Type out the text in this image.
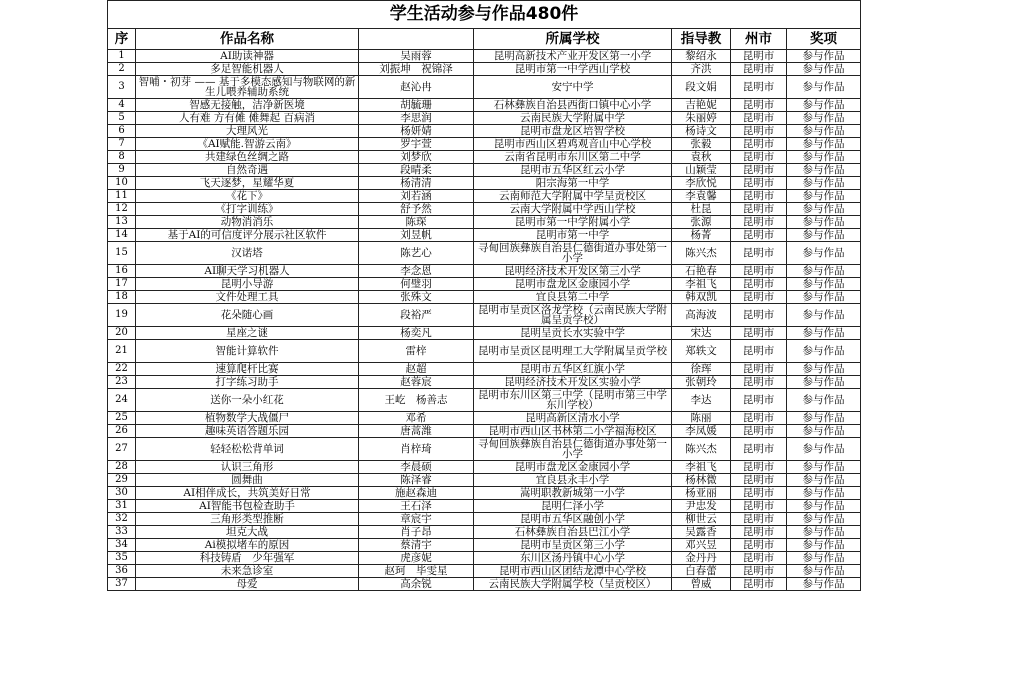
学生活动参与作品480件						
序	作品名称		所属学校	指导教	州市	奖项
1	AI助读神器	吴雨蓉	昆明高新技术产业开发区第一小学	黎绍永	昆明市	参与作品
2	多足智能机器人	刘振坤　祝锦泽	昆明市第一中学西山学校	齐洪	昆明市	参与作品
3	智哺・初芽 —— 基于多模态感知与物联网的新生儿喂养辅助系统	赵沁冉	安宁中学	段文娟	昆明市	参与作品
4	智感无接触，洁净新医境	胡毓珊	石林彝族自治县西街口镇中心小学	吉艳妮	昆明市	参与作品
5	人有难 方有傩 傩舞起 百病消	李思润	云南民族大学附属中学	朱丽婷	昆明市	参与作品
6	大理风光	杨妍婧	昆明市盘龙区培智学校	杨诗文	昆明市	参与作品
7	《AI赋能.智游云南》	罗宇萱	昆明市西山区碧鸡观音山中心学校	张毅	昆明市	参与作品
8	共建绿色丝绸之路	刘梦欣	云南省昆明市东川区第二中学	袁秋	昆明市	参与作品
9	自然奇遇	段晴柔	昆明市五华区红云小学	山颖莹	昆明市	参与作品
10	飞天逐梦，星耀华夏	杨清清	阳宗海第一中学	李欣悦	昆明市	参与作品
11	《花下》	刘若涵	云南师范大学附属中学呈贡校区	李袁馨	昆明市	参与作品
12	《打字训练》	舒予然	云南大学附属中学西山学校	杜昆	昆明市	参与作品
13	动物消消乐	陈琛	昆明市第一中学附属小学	张源	昆明市	参与作品
14	基于AI的可信度评分展示社区软件	刘昱帆	昆明市第一中学	杨菁	昆明市	参与作品
15	汉诺塔	陈艺心	寻甸回族彝族自治县仁德街道办事处第一小学	陈兴杰	昆明市	参与作品
16	AI聊天学习机器人	李念恩	昆明经济技术开发区第三小学	石艳春	昆明市	参与作品
17	昆明小导游	何璧羽	昆明市盘龙区金康园小学	李祖飞	昆明市	参与作品
18	文件处理工具	张殊文	宜良县第二中学	韩双凯	昆明市	参与作品
19	花朵随心画	段裕严	昆明市呈贡区洛龙学校（云南民族大学附属呈贡学校）	高海波	昆明市	参与作品
20	星座之谜	杨奕凡	昆明呈贡长水实验中学	宋达	昆明市	参与作品
21	智能计算软件	雷梓	昆明市呈贡区昆明理工大学附属呈贡学校	郑轶文	昆明市	参与作品
22	速算爬杆比赛	赵超	昆明市五华区红旗小学	徐珲	昆明市	参与作品
23	打字练习助手	赵蓉宸	昆明经济技术开发区实验小学	张朝玲	昆明市	参与作品
24	送你一朵小红花	王屹　杨善志	昆明市东川区第三中学（昆明市第三中学东川学校）	李达	昆明市	参与作品
25	植物数学大战僵尸	邓希	昆明高新区清水小学	陈丽	昆明市	参与作品
26	趣味英语答题乐园	唐蒿潍	昆明市西山区书林第二小学福海校区	李凤媛	昆明市	参与作品
27	轻轻松松背单词	肖梓琦	寻甸回族彝族自治县仁德街道办事处第一小学	陈兴杰	昆明市	参与作品
28	认识三角形	李晨硕	昆明市盘龙区金康园小学	李祖飞	昆明市	参与作品
29	圆舞曲	陈泽睿	宜良县永丰小学	杨林微	昆明市	参与作品
30	AI相伴成长，共筑美好日常	施赵森迪	嵩明职教新城第一小学	杨亚丽	昆明市	参与作品
31	AI智能书包检查助手	王石泽	昆明仁泽小学	尹忠发	昆明市	参与作品
32	三角形类型推断	章宸宇	昆明市五华区融创小学	柳世云	昆明市	参与作品
33	坦克大战	肖子昂	石林彝族自治县巴江小学	吴露香	昆明市	参与作品
34	Ai模拟堵车的原因	蔡清宇	昆明市呈贡区第三小学	邓兴昱	昆明市	参与作品
35	科技铸盾　少年强军	虎彦妮	东川区汤丹镇中心小学	金丹丹	昆明市	参与作品
36	未来急诊室	赵珂　毕雯星	昆明市西山区团结龙潭中心学校	白春蕾	昆明市	参与作品
37	母爱	高余锐	云南民族大学附属学校（呈贡校区）	曾威	昆明市	参与作品
